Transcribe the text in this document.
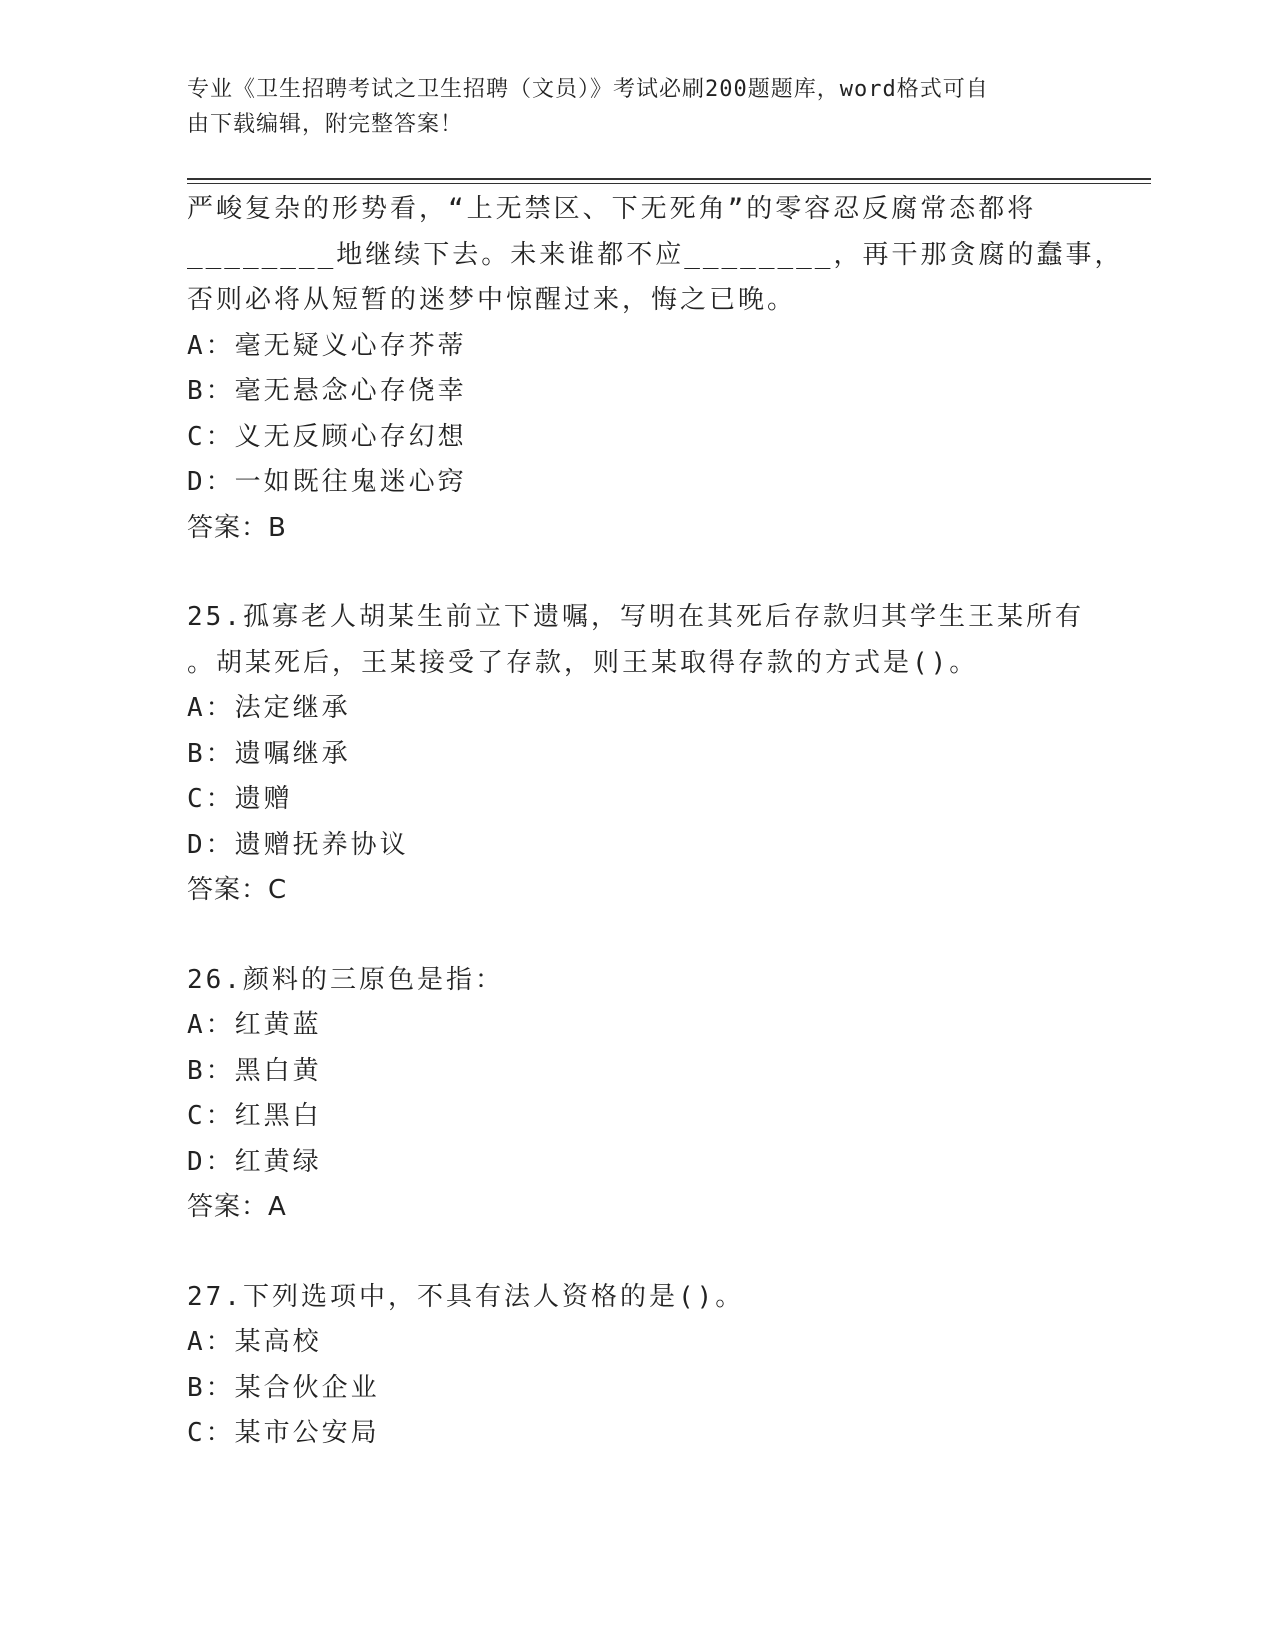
专业《卫生招聘考试之卫生招聘（文员）》考试必刷200题题库，word格式可自
由下载编辑，附完整答案！
严峻复杂的形势看，“上无禁区、下无死角”的零容忍反腐常态都将
________地继续下去。未来谁都不应________，再干那贪腐的蠢事，
否则必将从短暂的迷梦中惊醒过来，悔之已晚。
A：毫无疑义心存芥蒂
B：毫无悬念心存侥幸
C：义无反顾心存幻想
D：一如既往鬼迷心窍
答案：B
25.孤寡老人胡某生前立下遗嘱，写明在其死后存款归其学生王某所有
。胡某死后，王某接受了存款，则王某取得存款的方式是()。
A：法定继承
B：遗嘱继承
C：遗赠
D：遗赠抚养协议
答案：C
26.颜料的三原色是指：
A：红黄蓝
B：黑白黄
C：红黑白
D：红黄绿
答案：A
27.下列选项中，不具有法人资格的是()。
A：某高校
B：某合伙企业
C：某市公安局
